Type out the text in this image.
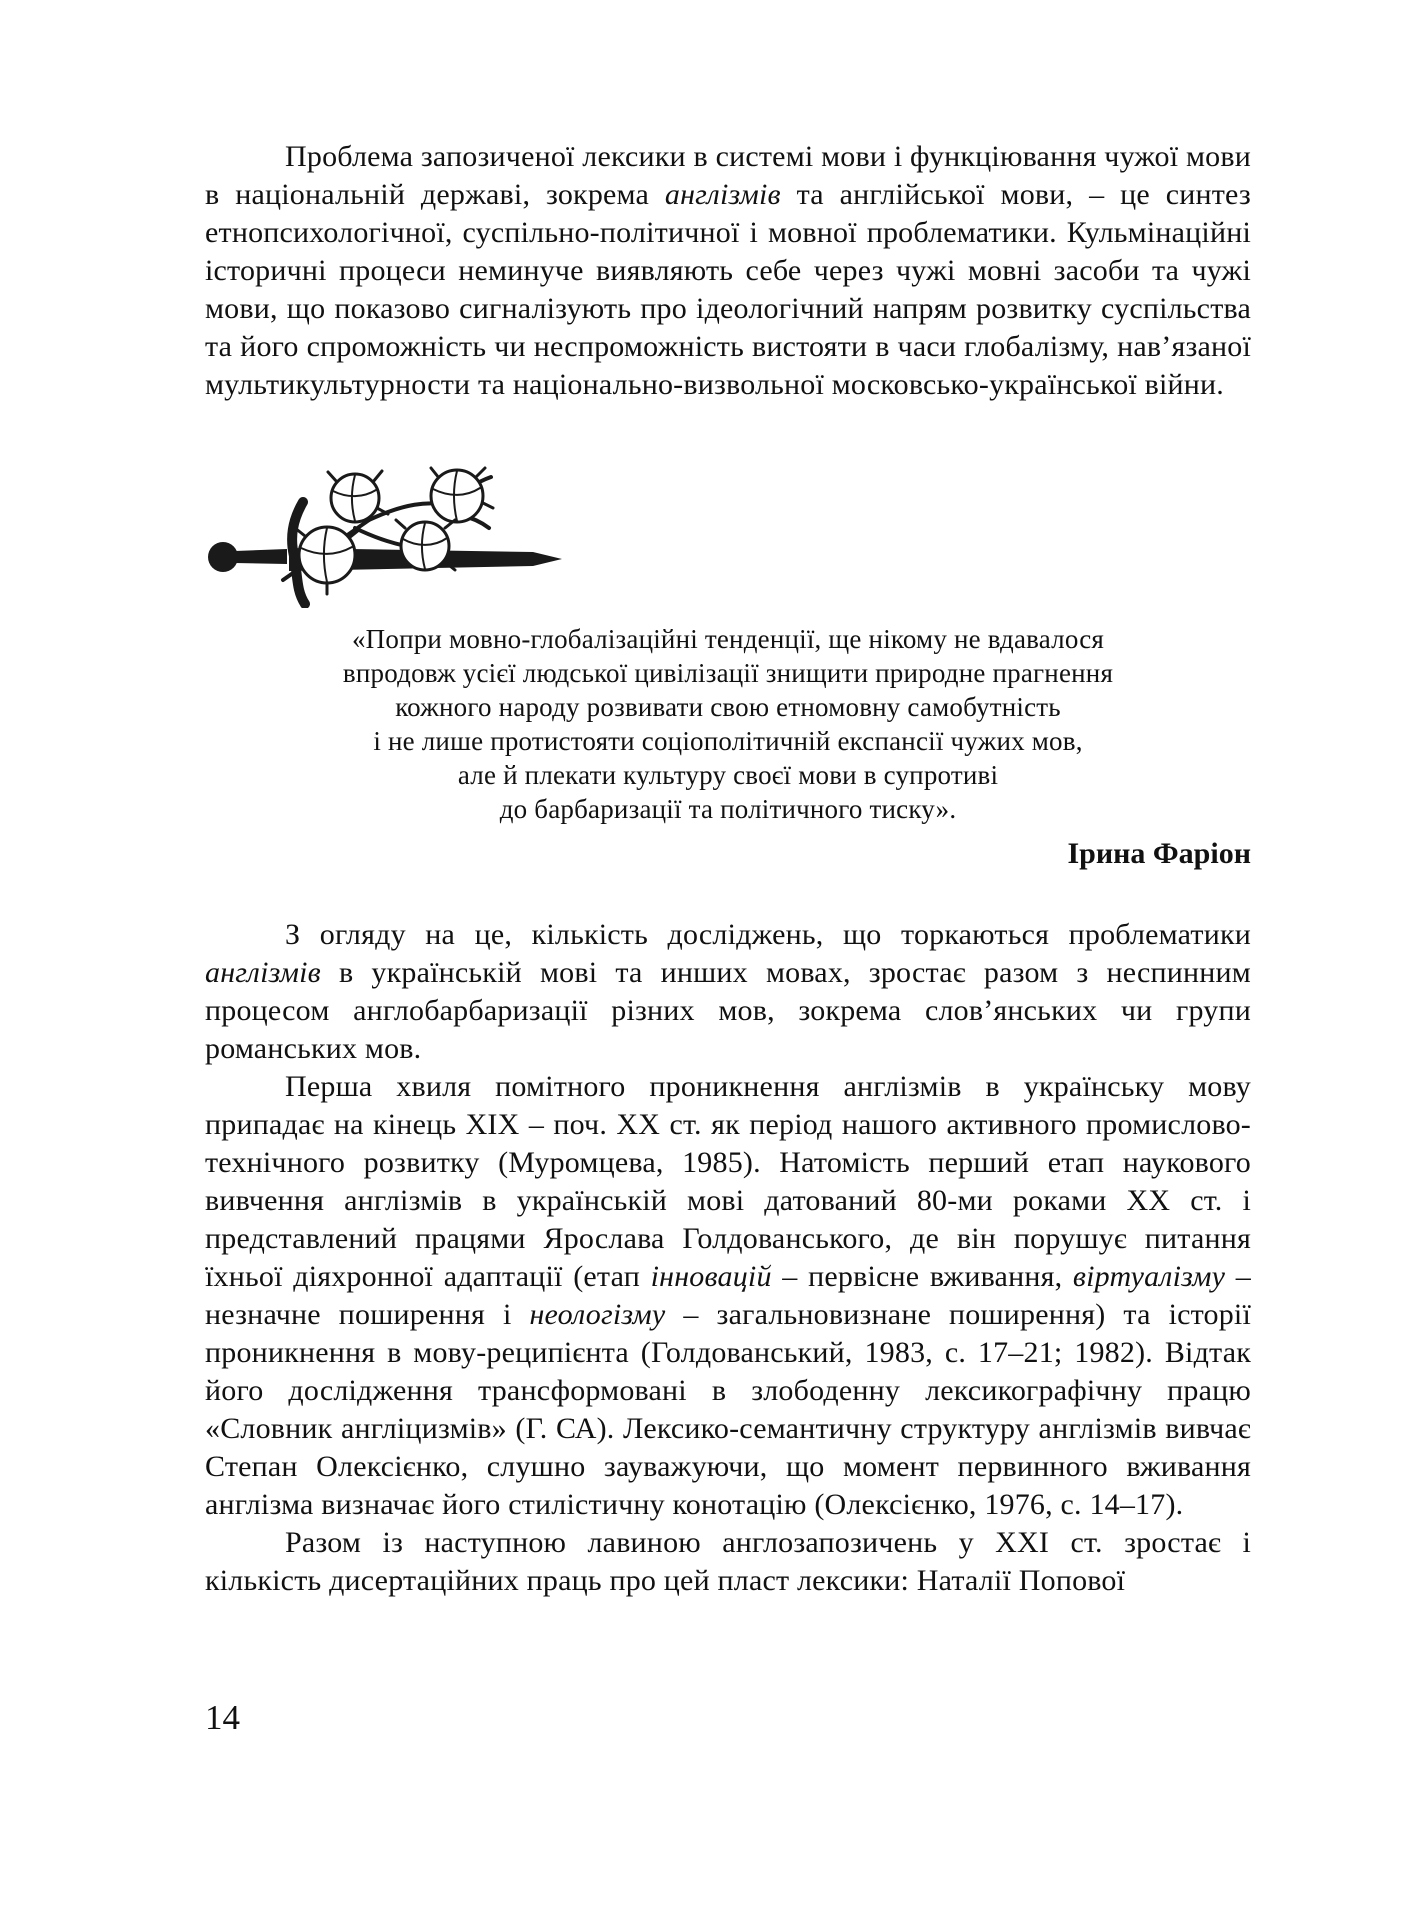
Проблема запозиченої лексики в системі мови і функціювання чужої мови в національній державі, зокрема англізмів та англійської мови, – це синтез етнопсихологічної, суспільно-політичної і мовної проблематики. Кульмінаційні історичні процеси неминуче виявляють себе через чужі мовні засоби та чужі мови, що показово сигналізують про ідеологічний напрям розвитку суспільства та його спроможність чи неспроможність вистояти в часи глобалізму, нав’язаної мультикультурности та національно-визвольної московсько-української війни.

«Попри мовно-глобалізаційні тенденції, ще нікому не вдавалося
впродовж усієї людської цивілізації знищити природне прагнення
кожного народу розвивати свою етномовну самобутність
і не лише протистояти соціополітичній експансії чужих мов,
але й плекати культуру своєї мови в супротиві
до барбаризації та політичного тиску».
Ірина Фаріон

З огляду на це, кількість досліджень, що торкаються проблематики англізмів в українській мові та инших мовах, зростає разом з неспинним процесом англобарбаризації різних мов, зокрема слов’янських чи групи романських мов.

Перша хвиля помітного проникнення англізмів в українську мову припадає на кінець ХІХ – поч. ХХ ст. як період нашого активного промислово-технічного розвитку (Муромцева, 1985). Натомість перший етап наукового вивчення англізмів в українській мові датований 80-ми роками ХХ ст. і представлений працями Ярослава Голдованського, де він порушує питання їхньої діяхронної адаптації (етап інновацій – первісне вживання, віртуалізму – незначне поширення і неологізму – загальновизнане поширення) та історії проникнення в мову-реципієнта (Голдованський, 1983, с. 17–21; 1982). Відтак його дослідження трансформовані в злободенну лексикографічну працю «Словник англіцизмів» (Г. СА). Лексико-семантичну структуру англізмів вивчає Степан Олексієнко, слушно зауважуючи, що момент первинного вживання англізма визначає його стилістичну конотацію (Олексієнко, 1976, с. 14–17).

Разом із наступною лавиною англозапозичень у ХХІ ст. зростає і кількість дисертаційних праць про цей пласт лексики: Наталії Попової

14
